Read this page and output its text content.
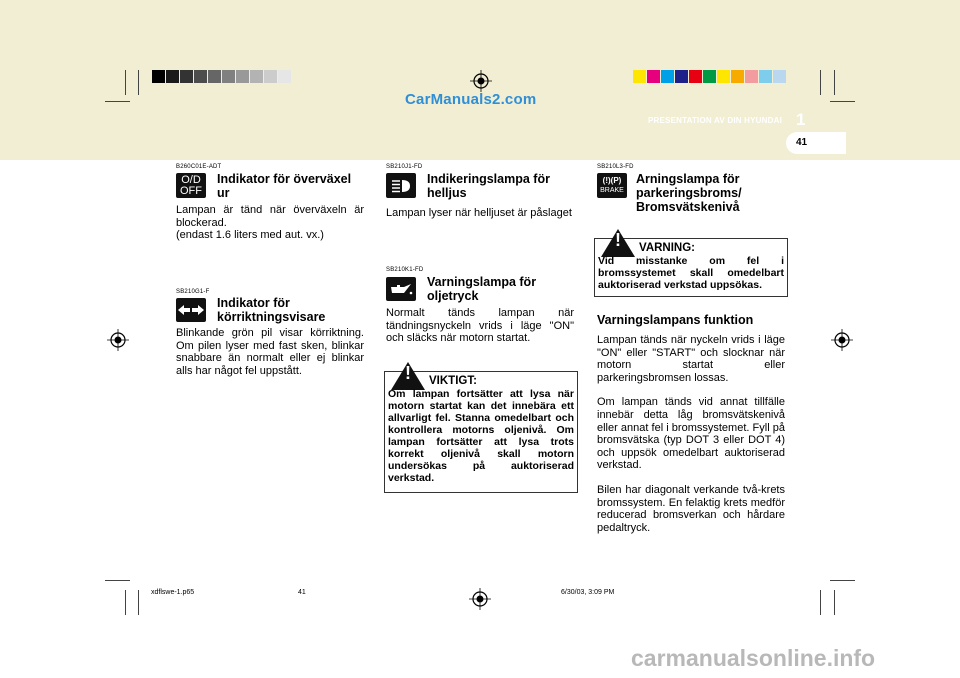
CarManuals2.com
PRESENTATION AV DIN HYUNDAI 1
41
B260C01E-ADT
O/D
OFF
Indikator för överväxel ur
Lampan är tänd när överväxeln är blockerad.
(endast 1.6 liters med aut. vx.)
SB210G1-F
Indikator för
körriktningsvisare
Blinkande grön pil visar körriktning. Om pilen lyser med fast sken, blinkar snabbare än normalt eller ej blinkar alls har något fel uppstått.
SB210J1-FD
Indikeringslampa för
helljus
Lampan lyser när helljuset är påslaget
SB210K1-FD
Varningslampa för
oljetryck
Normalt tänds lampan när tändningsnyckeln vrids i läge "ON" och släcks när motorn startat.
!	VIKTIGT:
Om lampan fortsätter att lysa när motorn startat kan det innebära ett allvarligt fel. Stanna omedelbart och kontrollera motorns oljenivå. Om lampan fortsätter att lysa trots korrekt oljenivå skall motorn undersökas på auktoriserad verkstad.
SB210L3-FD
(!)(P)
BRAKE
Arningslampa för
parkeringsbroms/
Bromsvätskenivå
!	VARNING:
Vid misstanke om fel i bromssystemet skall omedelbart auktoriserad verkstad uppsökas.
Varningslampans funktion
Lampan tänds när nyckeln vrids i läge "ON" eller "START" och slocknar när motorn startat eller parkeringsbromsen lossas.
Om lampan tänds vid annat tillfälle innebär detta låg bromsvätskenivå eller annat fel i bromssystemet. Fyll på bromsvätska (typ DOT 3 eller DOT 4) och uppsök omedelbart auktoriserad verkstad.
Bilen har diagonalt verkande två-krets bromssystem. En felaktig krets medför reducerad bromsverkan och hårdare pedaltryck.
xdflswe-1.p65	41	6/30/03, 3:09 PM
carmanualsonline.info
